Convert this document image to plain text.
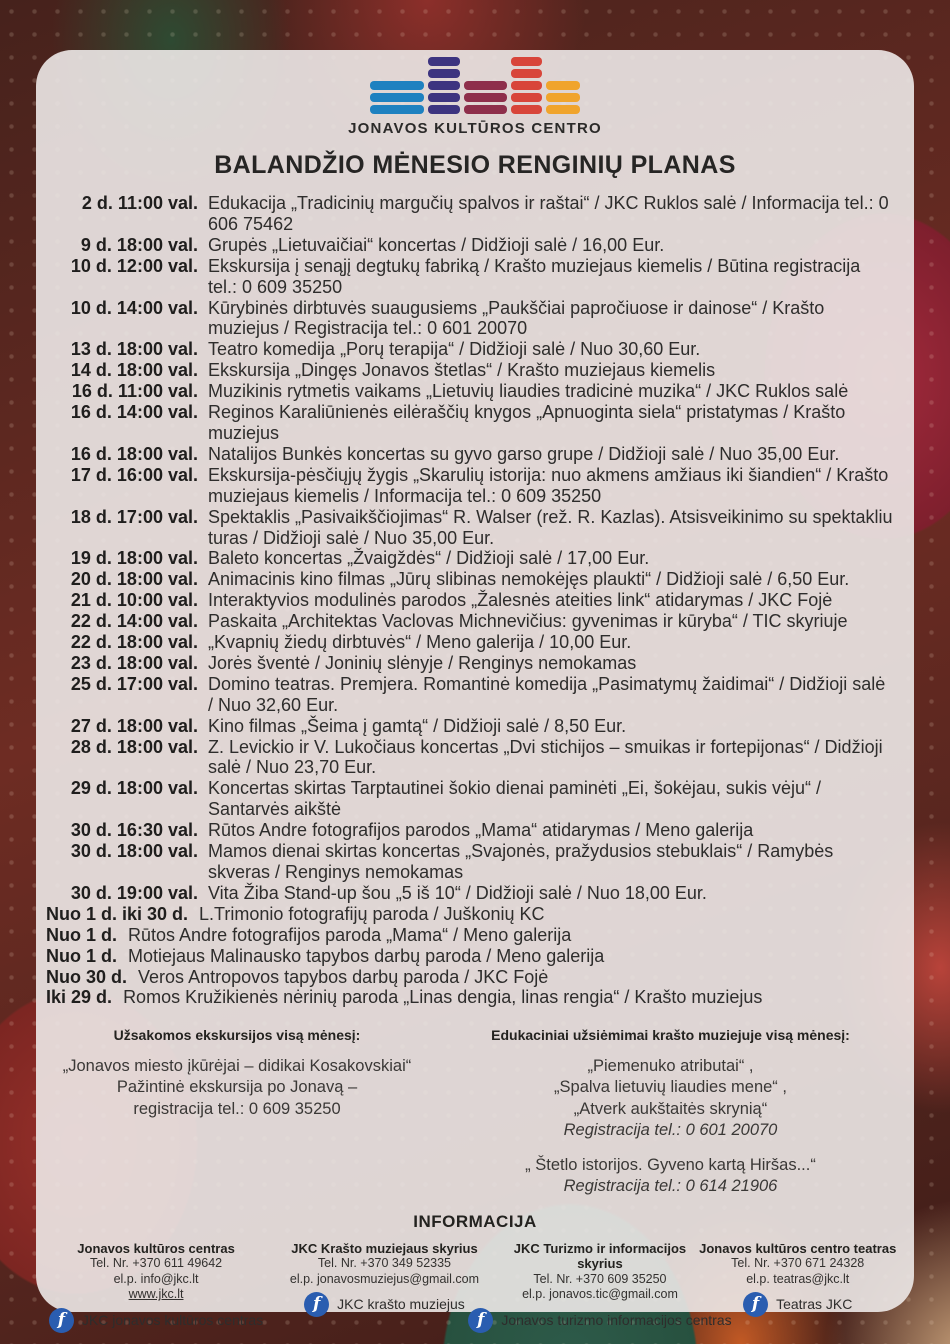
JONAVOS KULTŪROS CENTRO
BALANDŽIO MĖNESIO RENGINIŲ PLANAS
2 d. 11:00 val. Edukacija „Tradicinių margučių spalvos ir raštai“ / JKC Ruklos salė / Informacija tel.: 0 606 75462
9 d. 18:00 val. Grupės „Lietuvaičiai“ koncertas / Didžioji salė / 16,00 Eur.
10 d. 12:00 val. Ekskursija į senąjį degtukų fabriką / Krašto muziejaus kiemelis / Būtina registracija tel.: 0 609 35250
10 d. 14:00 val. Kūrybinės dirbtuvės suaugusiems „Paukščiai papročiuose ir dainose“ / Krašto muziejus / Registracija tel.: 0 601 20070
13 d. 18:00 val. Teatro komedija „Porų terapija“ / Didžioji salė / Nuo 30,60 Eur.
14 d. 18:00 val. Ekskursija „Dingęs Jonavos štetlas“ / Krašto muziejaus kiemelis
16 d. 11:00 val. Muzikinis rytmetis vaikams „Lietuvių liaudies tradicinė muzika“ / JKC Ruklos salė
16 d. 14:00 val. Reginos Karaliūnienės eilėraščių knygos „Apnuoginta siela“ pristatymas / Krašto muziejus
16 d. 18:00 val. Natalijos Bunkės koncertas su gyvo garso grupe / Didžioji salė / Nuo 35,00 Eur.
17 d. 16:00 val. Ekskursija-pėsčiųjų žygis „Skarulių istorija: nuo akmens amžiaus iki šiandien“ / Krašto muziejaus kiemelis / Informacija tel.: 0 609 35250
18 d. 17:00 val. Spektaklis „Pasivaikščiojimas“ R. Walser (rež. R. Kazlas). Atsisveikinimo su spektakliu turas / Didžioji salė / Nuo 35,00 Eur.
19 d. 18:00 val. Baleto koncertas „Žvaigždės“ / Didžioji salė / 17,00 Eur.
20 d. 18:00 val. Animacinis kino filmas „Jūrų slibinas nemokėjęs plaukti“ / Didžioji salė / 6,50 Eur.
21 d. 10:00 val. Interaktyvios modulinės parodos „Žalesnės ateities link“ atidarymas / JKC Fojė
22 d. 14:00 val. Paskaita „Architektas Vaclovas Michnevičius: gyvenimas ir kūryba“ / TIC skyriuje
22 d. 18:00 val. „Kvapnių žiedų dirbtuvės“ / Meno galerija / 10,00 Eur.
23 d. 18:00 val. Jorės šventė / Joninių slėnyje / Renginys nemokamas
25 d. 17:00 val. Domino teatras. Premjera. Romantinė komedija „Pasimatymų žaidimai“ / Didžioji salė / Nuo 32,60 Eur.
27 d. 18:00 val. Kino filmas „Šeima į gamtą“ / Didžioji salė / 8,50 Eur.
28 d. 18:00 val. Z. Levickio ir V. Lukočiaus koncertas „Dvi stichijos – smuikas ir fortepijonas“ / Didžioji salė / Nuo 23,70 Eur.
29 d. 18:00 val. Koncertas skirtas Tarptautinei šokio dienai paminėti „Ei, šokėjau, sukis vėju“ / Santarvės aikštė
30 d. 16:30 val. Rūtos Andre fotografijos parodos „Mama“ atidarymas / Meno galerija
30 d. 18:00 val. Mamos dienai skirtas koncertas „Svajonės, pražydusios stebuklais“ / Ramybės skveras / Renginys nemokamas
30 d. 19:00 val. Vita Žiba Stand-up šou „5 iš 10“ / Didžioji salė / Nuo 18,00 Eur.
Nuo 1 d. iki 30 d. L.Trimonio fotografijų paroda / Juškonių KC
Nuo 1 d. Rūtos Andre fotografijos paroda „Mama“ / Meno galerija
Nuo 1 d. Motiejaus Malinausko tapybos darbų paroda / Meno galerija
Nuo 30 d. Veros Antropovos tapybos darbų paroda / JKC Fojė
Iki 29 d. Romos Kružikienės nėrinių paroda „Linas dengia, linas rengia“ / Krašto muziejus
Užsakomos ekskursijos visą mėnesį:
„Jonavos miesto įkūrėjai – didikai Kosakovskiai“
Pažintinė ekskursija po Jonavą –
registracija tel.: 0 609 35250
Edukaciniai užsiėmimai krašto muziejuje visą mėnesį:
„Piemenuko atributai“ ,
„Spalva lietuvių liaudies mene“ ,
„Atverk aukštaitės skrynią“
Registracija tel.: 0 601 20070
„ Štetlo istorijos. Gyveno kartą Hiršas...“
Registracija tel.: 0 614 21906
INFORMACIJA
Jonavos kultūros centras
Tel. Nr. +370 611 49642
el.p. info@jkc.lt
www.jkc.lt
f	JKC jonavos kultūros centras
JKC Krašto muziejaus skyrius
Tel. Nr. +370 349 52335
el.p. jonavosmuziejus@gmail.com
f	JKC krašto muziejus
JKC Turizmo ir informacijos skyrius
Tel. Nr. +370 609 35250
el.p. jonavos.tic@gmail.com
f	Jonavos turizmo informacijos centras
Jonavos kultūros centro teatras
Tel. Nr. +370 671 24328
el.p. teatras@jkc.lt
f	Teatras JKC
